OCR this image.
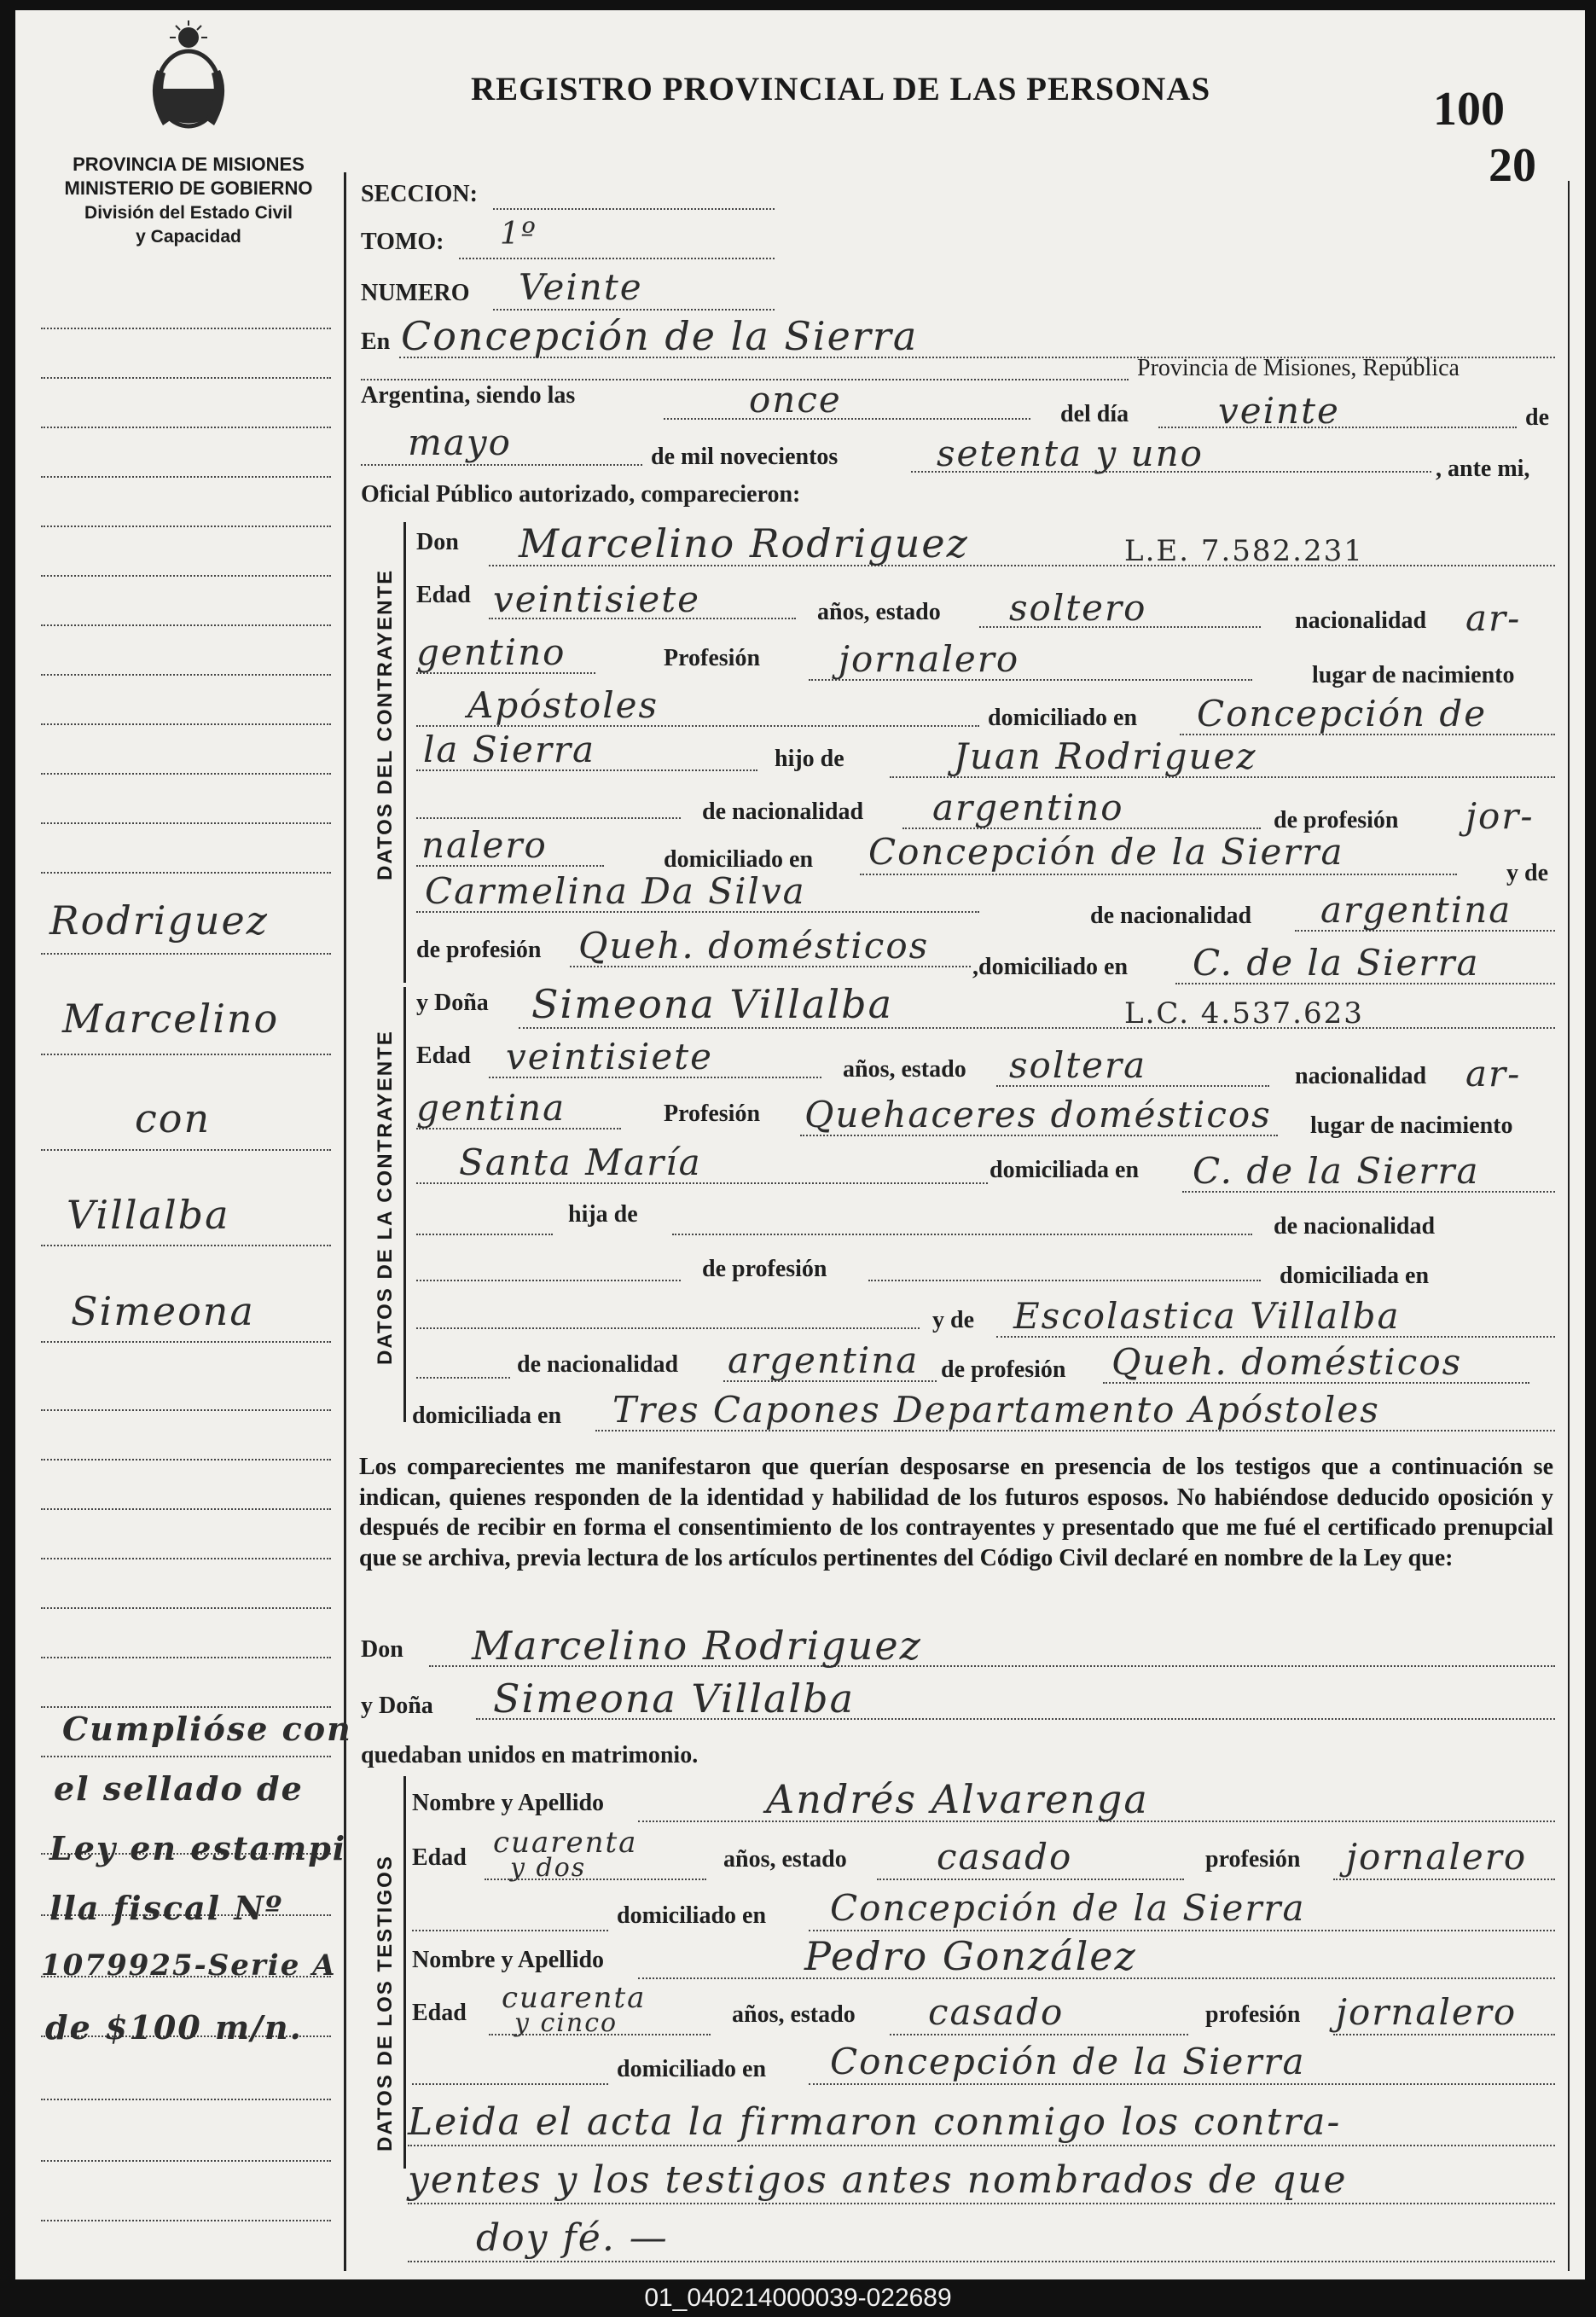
PROVINCIA DE MISIONES
MINISTERIO DE GOBIERNO
División del Estado Civil
y Capacidad
REGISTRO PROVINCIAL DE LAS PERSONAS	100
20
Rodriguez
Marcelino
con
Villalba
Simeona
Cumplióse con
el sellado de
Ley en estampi
lla fiscal Nº
1079925-Serie A
de $100 m/n.
SECCION:
TOMO: 1º
NUMERO Veinte
En Concepción de la Sierra
Provincia de Misiones, República
Argentina, siendo las	once	del día veinte	de
mayo	de mil novecientos	setenta y uno	, ante mi,
Oficial Público autorizado, comparecieron:
DATOS DEL CONTRAYENTE
Don Marcelino Rodriguez	L.E. 7.582.231
Edad veintisiete	años, estado soltero	nacionalidad ar-
gentino	Profesión jornalero	lugar de nacimiento
Apóstoles	domiciliado en Concepción de
la Sierra	hijo de	Juan Rodriguez
de nacionalidad argentino	de profesión jor-
nalero	domiciliado en Concepción de la Sierra
y de
Carmelina Da Silva
de nacionalidad argentina
de profesión Queh. domésticos
,domiciliado en C. de la Sierra
DATOS DE LA CONTRAYENTE
y Doña Simeona Villalba	L.C. 4.537.623
Edad veintisiete	años, estado soltera	nacionalidad ar-
gentina	Profesión Quehaceres domésticos lugar de nacimiento
Santa María	domiciliada en C. de la Sierra
hija de	de nacionalidad
de profesión	domiciliada en
y de Escolastica Villalba
de nacionalidad argentina de profesión Queh. domésticos
domiciliada en Tres Capones Departamento Apóstoles
Los comparecientes me manifestaron que querían desposarse en presencia de los testigos que a continuación se indican, quienes responden de la identidad y habilidad de los futuros esposos. No habiéndose deducido oposición y después de recibir en forma el consentimiento de los contrayentes y presentado que me fué el certificado prenupcial que se archiva, previa lectura de los artículos pertinentes del Código Civil declaré en nombre de la Ley que:
Don Marcelino Rodriguez
y Doña Simeona Villalba
quedaban unidos en matrimonio.
DATOS DE LOS TESTIGOS
Nombre y Apellido	Andrés Alvarenga
Edad cuarenta
y dos	años, estado	casado	profesión jornalero
domiciliado en Concepción de la Sierra
Nombre y Apellido	Pedro González
Edad cuarenta
y cinco	años, estado casado	profesión jornalero
domiciliado en Concepción de la Sierra
Leida el acta la firmaron conmigo los contra-
yentes y los testigos antes nombrados de que
doy fé. —
01_040214000039-022689
